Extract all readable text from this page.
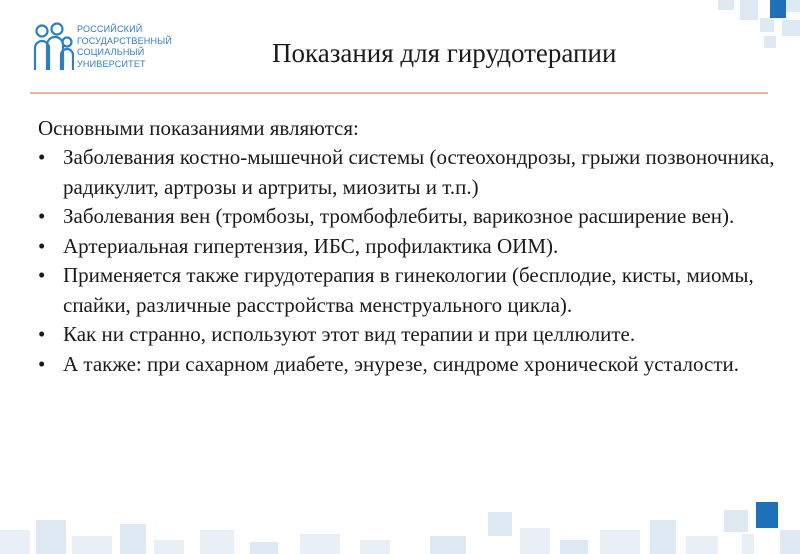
РОССИЙСКИЙ
ГОСУДАРСТВЕННЫЙ
СОЦИАЛЬНЫЙ
УНИВЕРСИТЕТ	Показания для гирудотерапии
Основными показаниями являются:
• Заболевания костно-мышечной системы (остеохондрозы, грыжи позвоночника, радикулит, артрозы и артриты, миозиты и т.п.)
• Заболевания вен (тромбозы, тромбофлебиты, варикозное расширение вен).
• Артериальная гипертензия, ИБС, профилактика ОИМ).
• Применяется также гирудотерапия в гинекологии (бесплодие, кисты, миомы, спайки, различные расстройства менструального цикла).
• Как ни странно, используют этот вид терапии и при целлюлите.
• А также: при сахарном диабете, энурезе, синдроме хронической усталости.
